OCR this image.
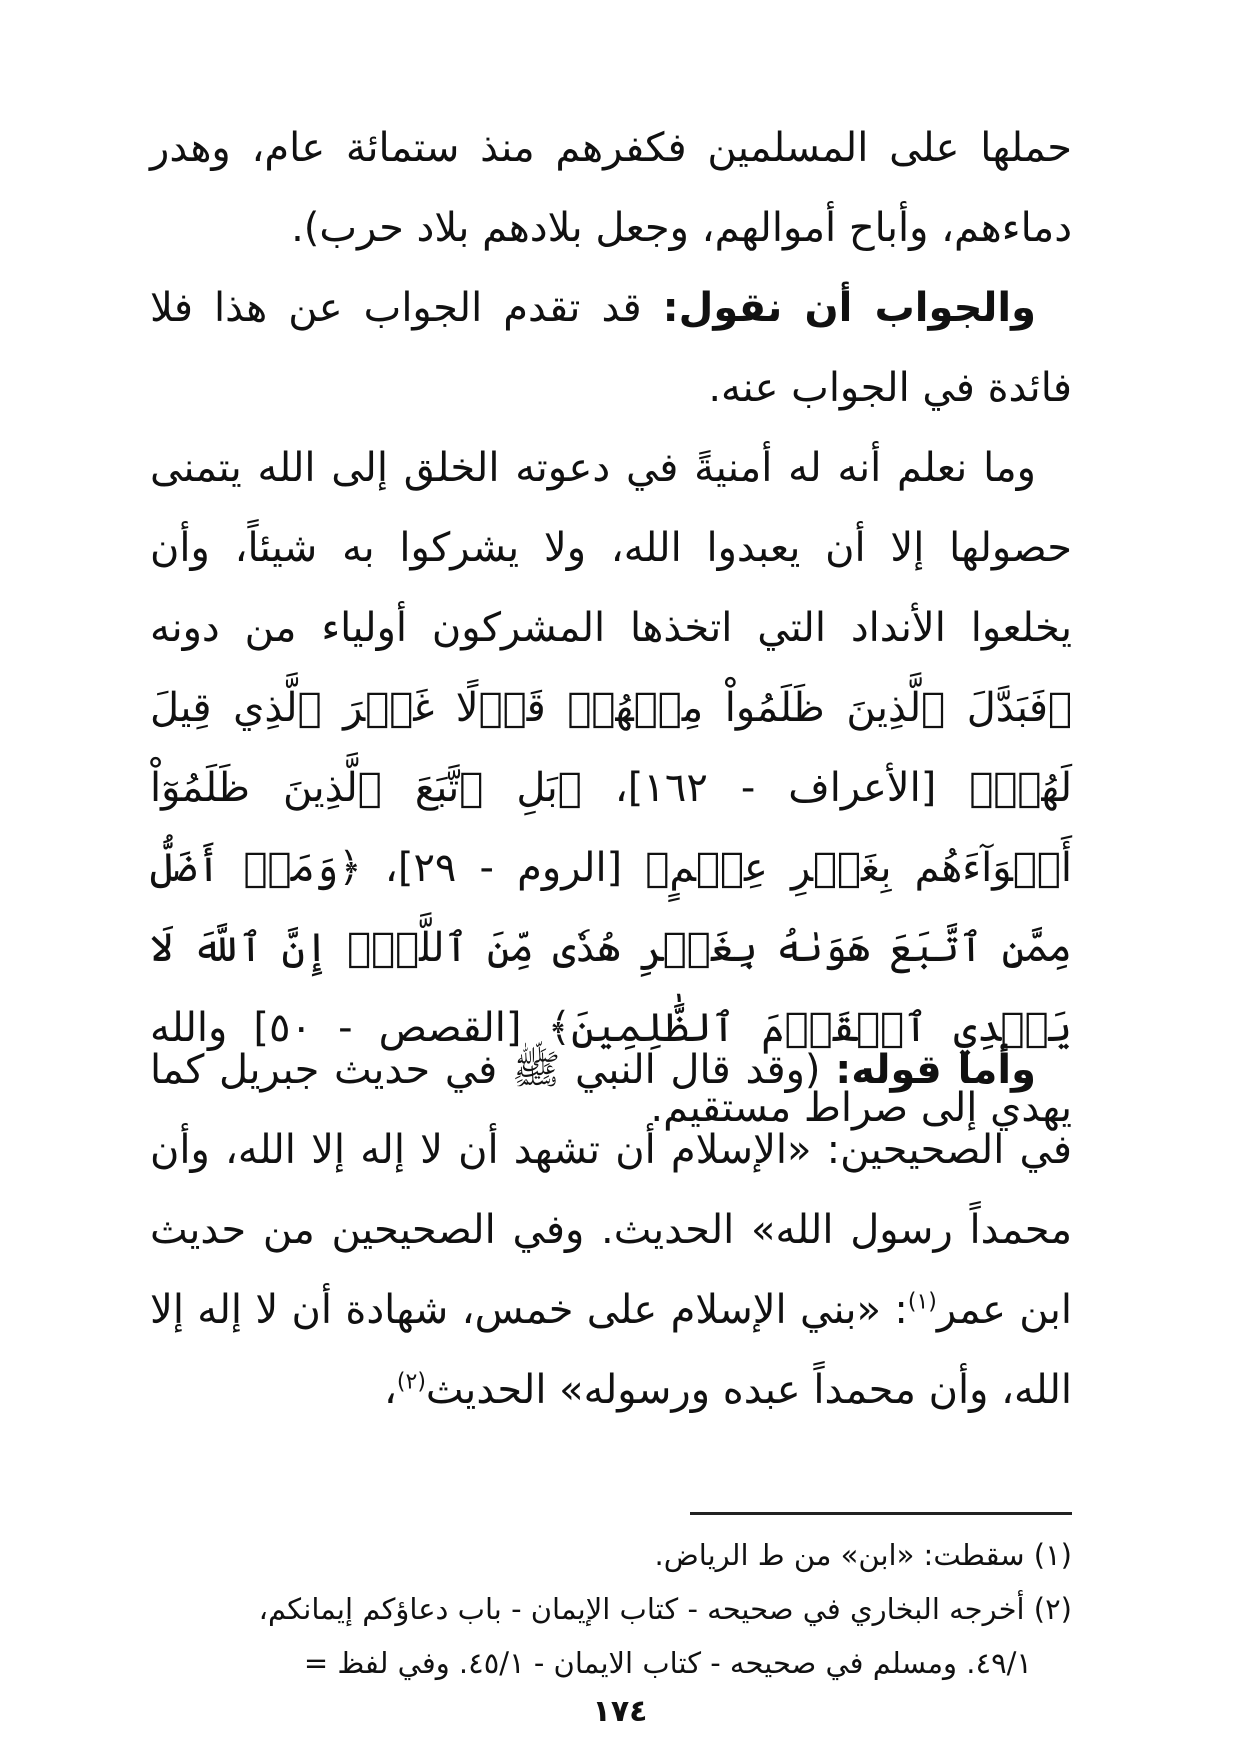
حملها على المسلمين فكفرهم منذ ستمائة عام، وهدر دماءهم، وأباح أموالهم، وجعل بلادهم بلاد حرب).

والجواب أن نقول: قد تقدم الجواب عن هذا فلا فائدة في الجواب عنه.

وما نعلم أنه له أمنيةً في دعوته الخلق إلى الله يتمنى حصولها إلا أن يعبدوا الله، ولا يشركوا به شيئاً، وأن يخلعوا الأنداد التي اتخذها المشركون أولياء من دونه ﴿فَبَدَّلَ ٱلَّذِينَ ظَلَمُواْ مِنۡهُمۡ قَوۡلًا غَيۡرَ ٱلَّذِي قِيلَ لَهُمۡ﴾ [الأعراف - ١٦٢]، ﴿بَلِ ٱتَّبَعَ ٱلَّذِينَ ظَلَمُوٓاْ أَهۡوَآءَهُم بِغَيۡرِ عِلۡمٍ﴾ [الروم - ٢٩]، ﴿وَمَنۡ أَضَلُّ مِمَّنِ ٱتَّبَعَ هَوَىٰهُ بِغَيۡرِ هُدٗى مِّنَ ٱللَّهِۚ إِنَّ ٱللَّهَ لَا يَهۡدِي ٱلۡقَوۡمَ ٱلظَّٰلِمِينَ﴾ [القصص - ٥٠] والله يهدي إلى صراط مستقيم.

وأما قوله: (وقد قال النبي ﷺ في حديث جبريل كما في الصحيحين: «الإسلام أن تشهد أن لا إله إلا الله، وأن محمداً رسول الله» الحديث. وفي الصحيحين من حديث ابن عمر$^{(١)}$: «بني الإسلام على خمس، شهادة أن لا إله إلا الله، وأن محمداً عبده ورسوله» الحديث$^{(٢)}$،

(١) سقطت: «ابن» من ط الرياض.

(٢) أخرجه البخاري في صحيحه - كتاب الإيمان - باب دعاؤكم إيمانكم،

٤٩/١. ومسلم في صحيحه - كتاب الايمان - ٤٥/١. وفي لفظ =

١٧٤
